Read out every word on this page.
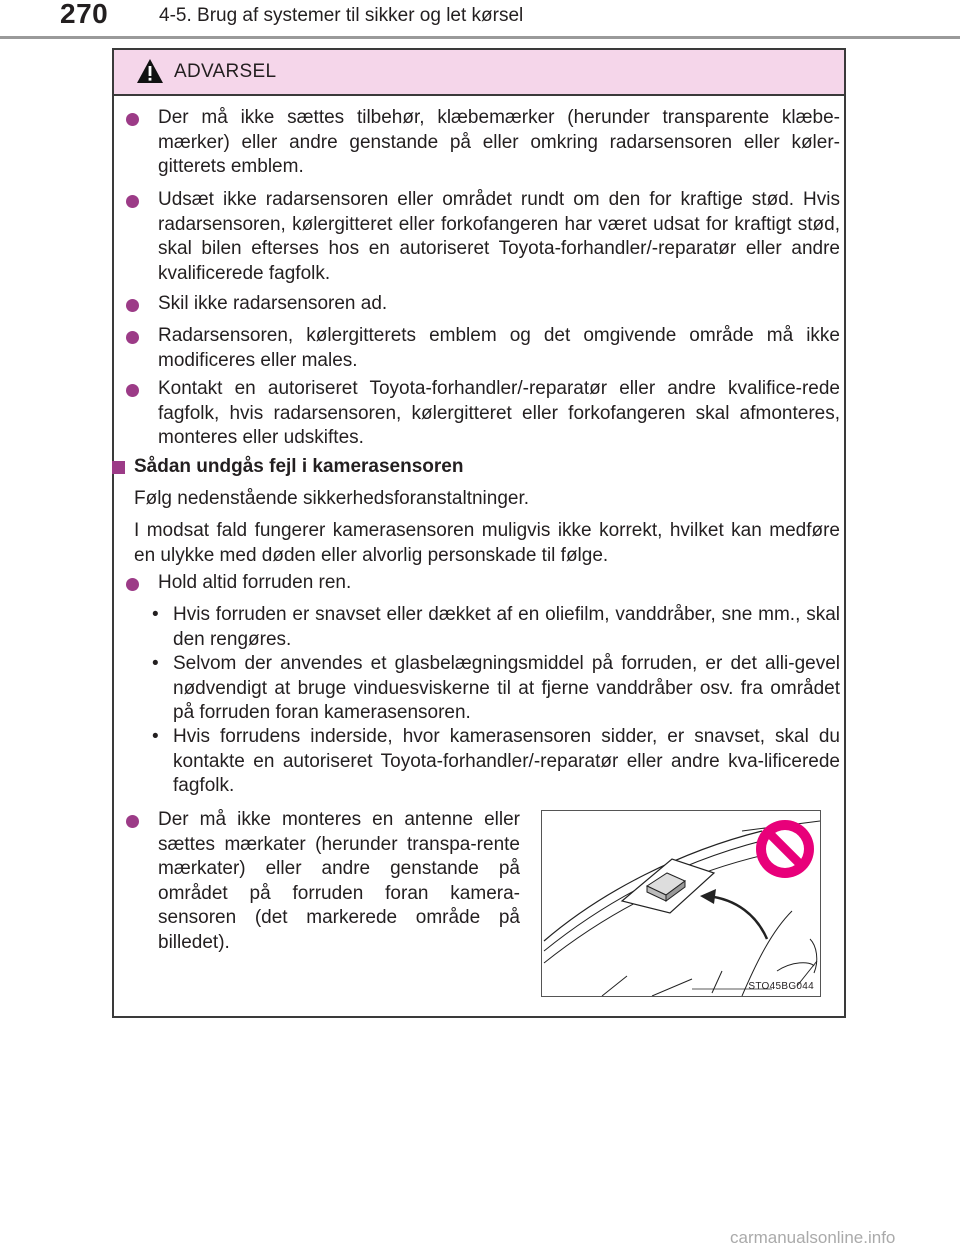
270	4-5. Brug af systemer til sikker og let kørsel
ADVARSEL
Der må ikke sættes tilbehør, klæbemærker (herunder transparente klæbe-mærker) eller andre genstande på eller omkring radarsensoren eller køler-gitterets emblem.
Udsæt ikke radarsensoren eller området rundt om den for kraftige stød. Hvis radarsensoren, kølergitteret eller forkofangeren har været udsat for kraftigt stød, skal bilen efterses hos en autoriseret Toyota-forhandler/-reparatør eller andre kvalificerede fagfolk.
Skil ikke radarsensoren ad.
Radarsensoren, kølergitterets emblem og det omgivende område må ikke modificeres eller males.
Kontakt en autoriseret Toyota-forhandler/-reparatør eller andre kvalifice-rede fagfolk, hvis radarsensoren, kølergitteret eller forkofangeren skal afmonteres, monteres eller udskiftes.
Sådan undgås fejl i kamerasensoren
Følg nedenstående sikkerhedsforanstaltninger.
I modsat fald fungerer kamerasensoren muligvis ikke korrekt, hvilket kan medføre en ulykke med døden eller alvorlig personskade til følge.
Hold altid forruden ren.
• Hvis forruden er snavset eller dækket af en oliefilm, vanddråber, sne mm., skal den rengøres.
• Selvom der anvendes et glasbelægningsmiddel på forruden, er det alli-gevel nødvendigt at bruge vinduesviskerne til at fjerne vanddråber osv. fra området på forruden foran kamerasensoren.
• Hvis forrudens inderside, hvor kamerasensoren sidder, er snavset, skal du kontakte en autoriseret Toyota-forhandler/-reparatør eller andre kva-lificerede fagfolk.
Der må ikke monteres en antenne eller sættes mærkater (herunder transpa-rente mærkater) eller andre genstande på området på forruden foran kamera-sensoren (det markerede område på billedet).
STO45BG044
carmanualsonline.info
